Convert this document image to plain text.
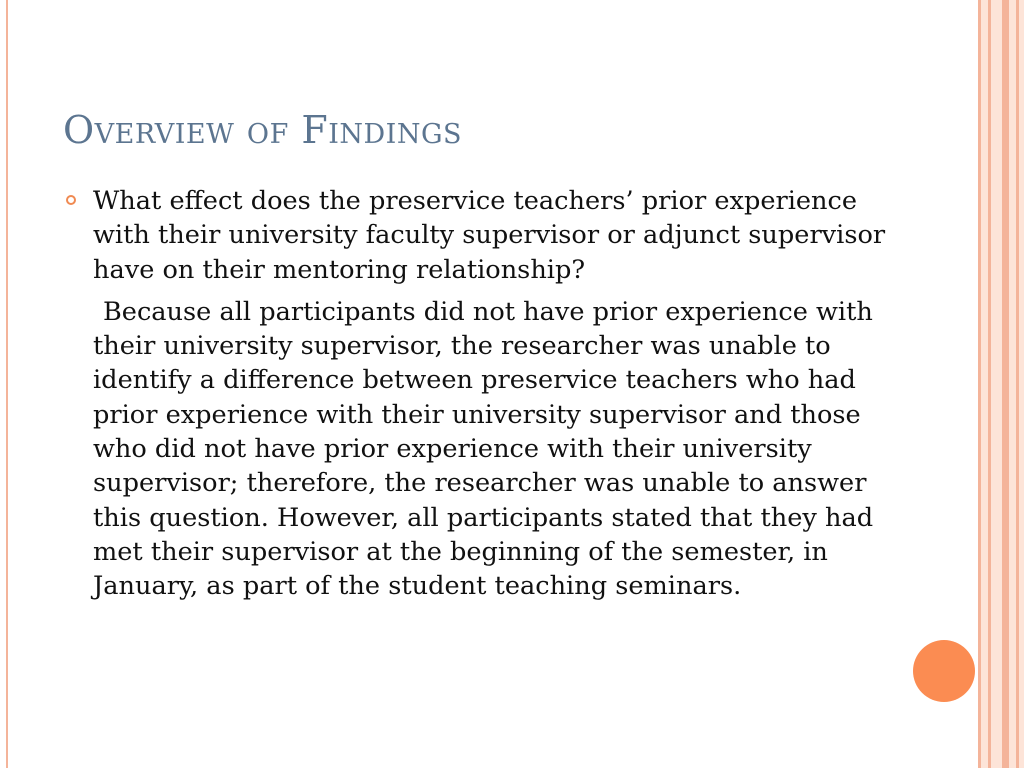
Overview of Findings

What effect does the preservice teachers’ prior experience with their university faculty supervisor or adjunct supervisor have on their mentoring relationship?

Because all participants did not have prior experience with their university supervisor, the researcher was unable to identify a difference between preservice teachers who had prior experience with their university supervisor and those who did not have prior experience with their university supervisor; therefore, the researcher was unable to answer this question. However, all participants stated that they had met their supervisor at the beginning of the semester, in January, as part of the student teaching seminars.
